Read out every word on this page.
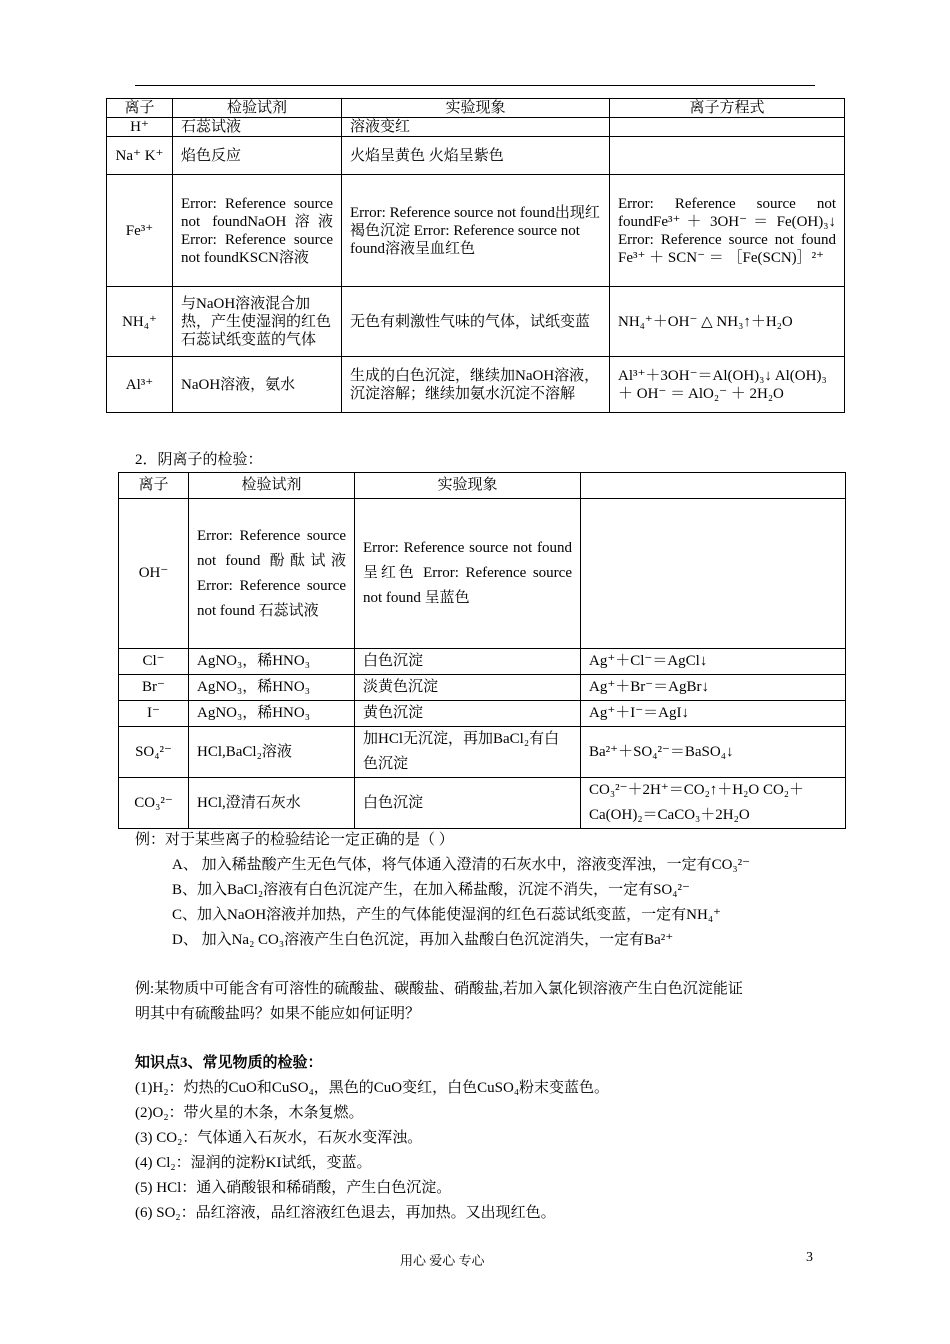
离子	检验试剂	实验现象	离子方程式
H⁺	石蕊试液	溶液变红	
Na⁺ K⁺	焰色反应	火焰呈黄色 火焰呈紫色	
Fe³⁺	Error: Reference source not foundNaOH溶液 Error: Reference source not foundKSCN溶液	Error: Reference source not found出现红褐色沉淀 Error: Reference source not found溶液呈血红色	Error: Reference source not foundFe³⁺ ＋ 3OH⁻ ＝ Fe(OH)₃↓ Error: Reference source not found Fe³⁺ ＋ SCN⁻ ＝ ［Fe(SCN)］²⁺
NH₄⁺	与NaOH溶液混合加热，产生使湿润的红色石蕊试纸变蓝的气体	无色有刺激性气味的气体，试纸变蓝	NH₄⁺＋OH⁻ △ NH₃↑＋H₂O
Al³⁺	NaOH溶液，氨水	生成的白色沉淀，继续加NaOH溶液，沉淀溶解；继续加氨水沉淀不溶解	Al³⁺＋3OH⁻＝Al(OH)₃↓ Al(OH)₃ ＋ OH⁻ ＝ AlO₂⁻ ＋ 2H₂O
2．阴离子的检验：
离子	检验试剂	实验现象	
OH⁻	Error: Reference source not found 酚酞试液 Error: Reference source not found 石蕊试液	Error: Reference source not found 呈红色 Error: Reference source not found 呈蓝色	
Cl⁻	AgNO₃，稀HNO₃	白色沉淀	Ag⁺＋Cl⁻＝AgCl↓
Br⁻	AgNO₃，稀HNO₃	淡黄色沉淀	Ag⁺＋Br⁻＝AgBr↓
I⁻	AgNO₃，稀HNO₃	黄色沉淀	Ag⁺＋I⁻＝AgI↓
SO₄²⁻	HCl,BaCl₂溶液	加HCl无沉淀，再加BaCl₂有白色沉淀	Ba²⁺＋SO₄²⁻＝BaSO₄↓
CO₃²⁻	HCl,澄清石灰水	白色沉淀	CO₃²⁻＋2H⁺＝CO₂↑＋H₂O CO₂＋Ca(OH)₂＝CaCO₃＋2H₂O
例：对于某些离子的检验结论一定正确的是（ ）
A、 加入稀盐酸产生无色气体，将气体通入澄清的石灰水中，溶液变浑浊，一定有CO₃²⁻
B、加入BaCl₂溶液有白色沉淀产生，在加入稀盐酸，沉淀不消失，一定有SO₄²⁻
C、加入NaOH溶液并加热，产生的气体能使湿润的红色石蕊试纸变蓝，一定有NH₄⁺
D、 加入Na₂ CO₃溶液产生白色沉淀，再加入盐酸白色沉淀消失，一定有Ba²⁺
例:某物质中可能含有可溶性的硫酸盐、碳酸盐、硝酸盐,若加入氯化钡溶液产生白色沉淀能证
明其中有硫酸盐吗？如果不能应如何证明？
知识点3、常见物质的检验：
(1)H₂：灼热的CuO和CuSO₄，黑色的CuO变红，白色CuSO₄粉末变蓝色。
(2)O₂：带火星的木条，木条复燃。
(3) CO₂：气体通入石灰水，石灰水变浑浊。
(4) Cl₂：湿润的淀粉KI试纸，变蓝。
(5) HCl：通入硝酸银和稀硝酸，产生白色沉淀。
(6) SO₂：品红溶液，品红溶液红色退去，再加热。又出现红色。
用心 爱心 专心	3
